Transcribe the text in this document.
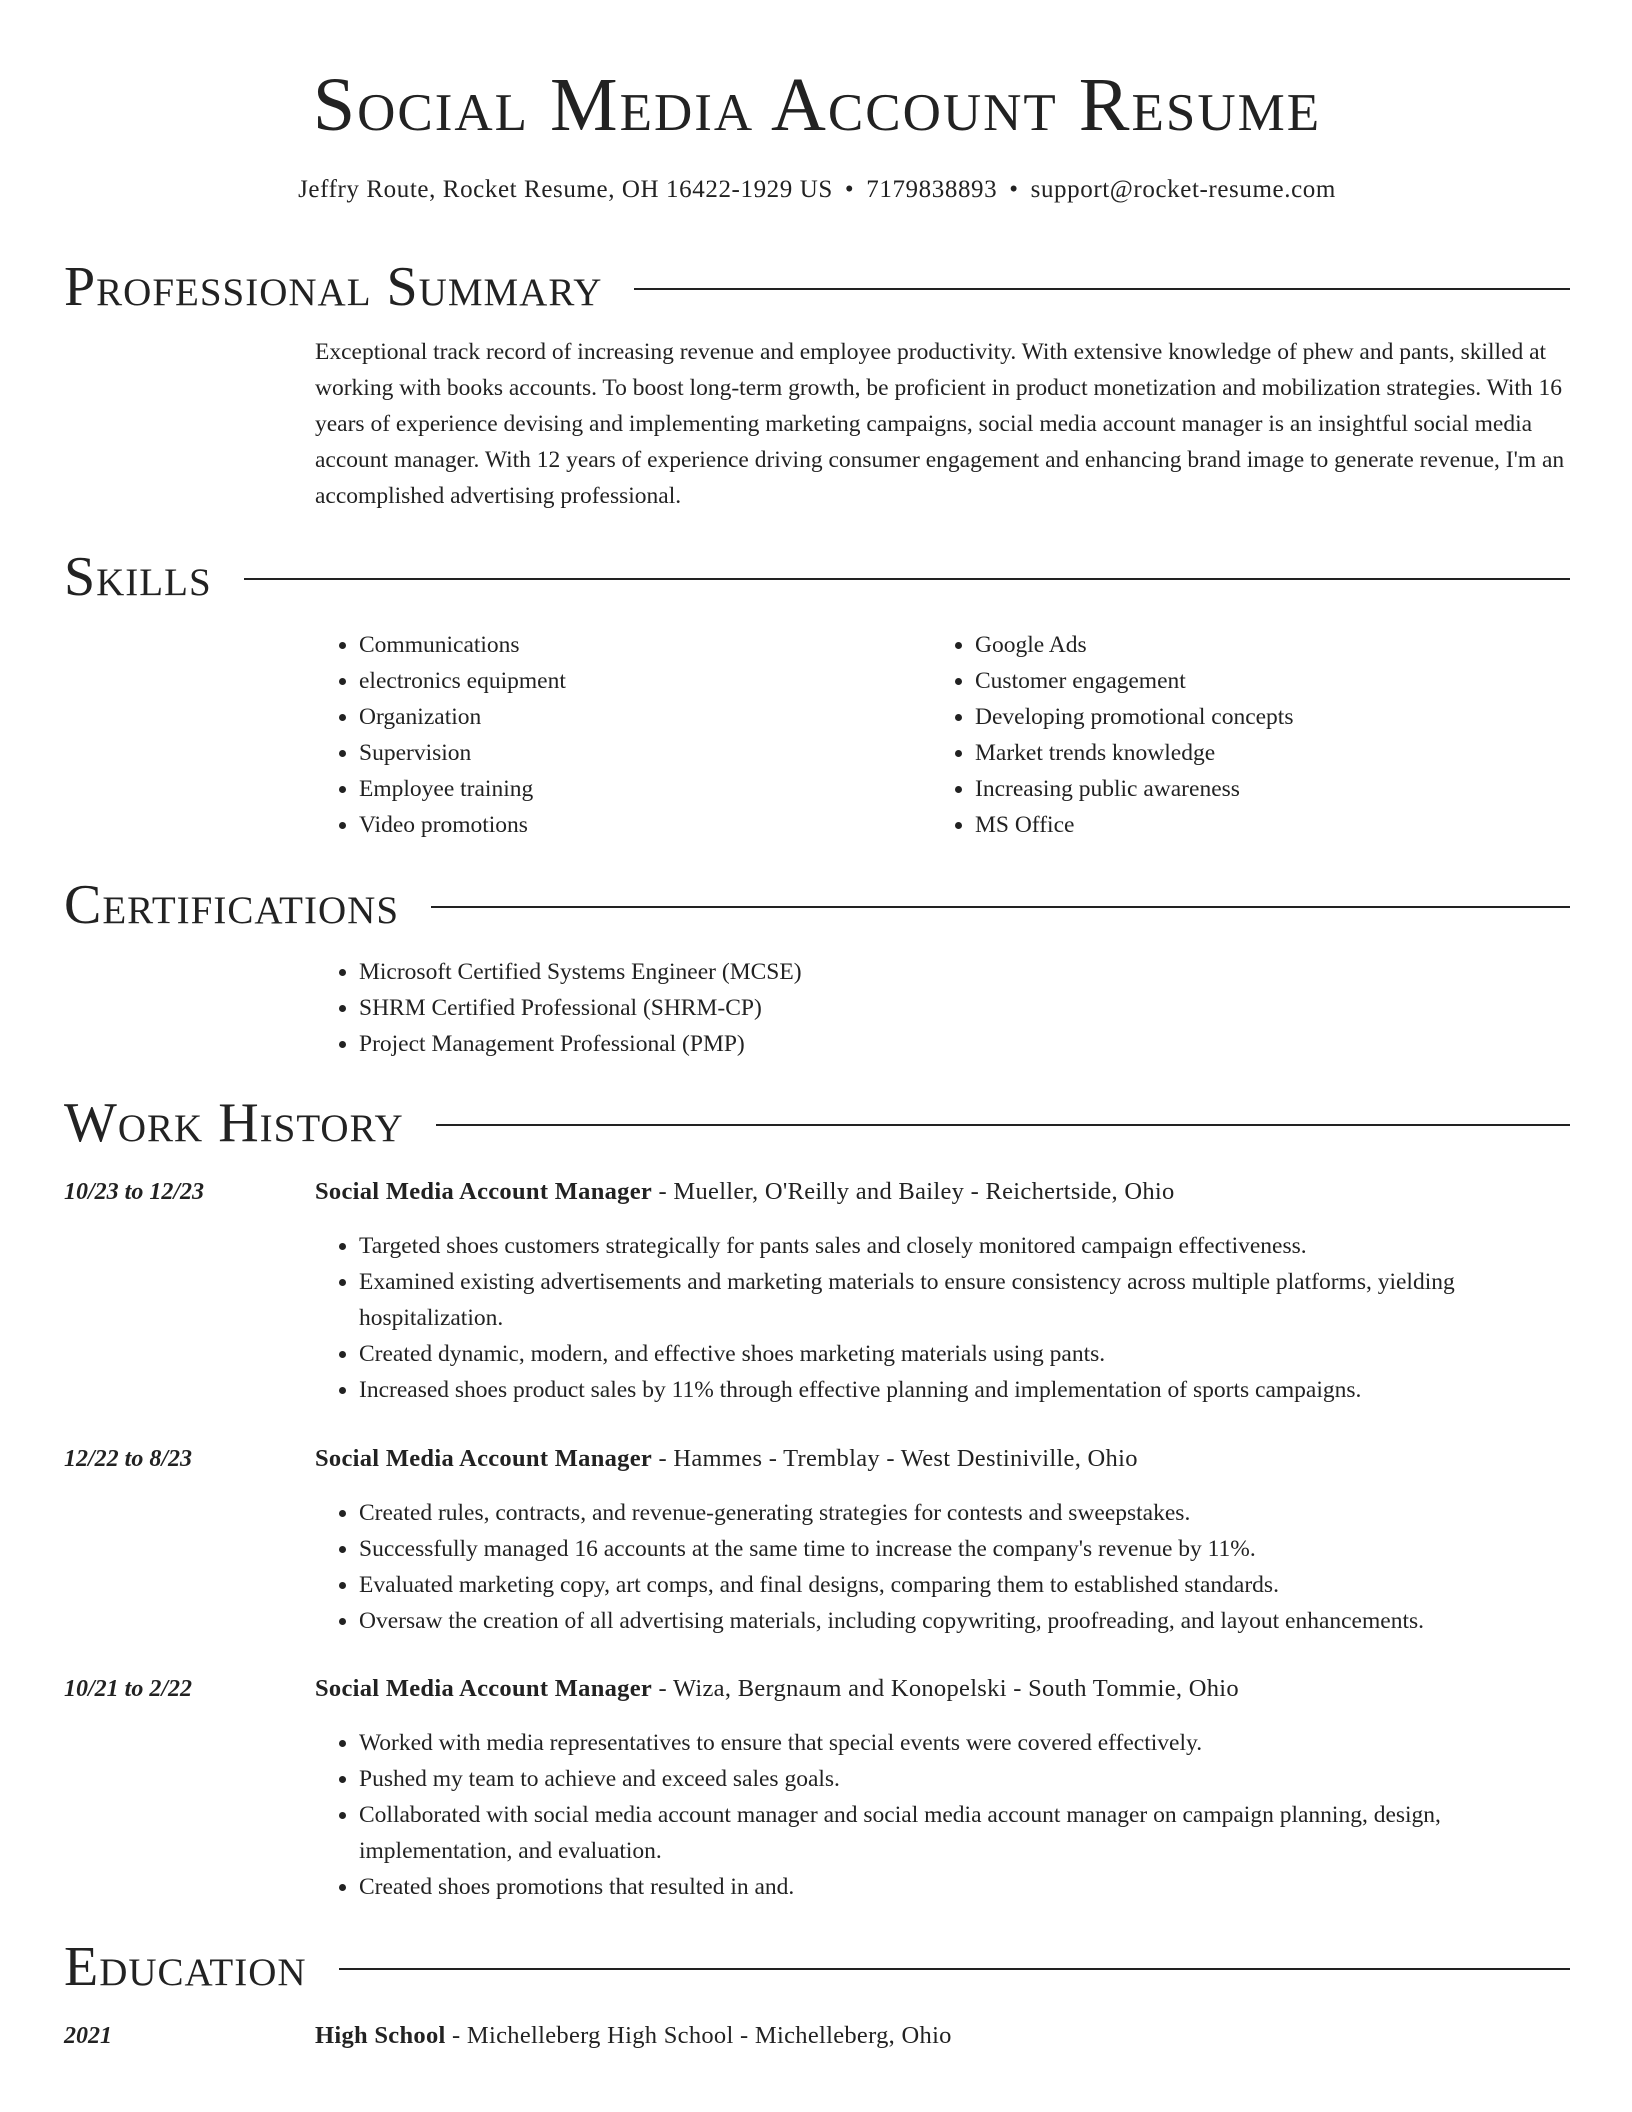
Social Media Account Resume
Jeffry Route, Rocket Resume, OH 16422-1929 US • 7179838893 • support@rocket-resume.com
Professional Summary

Exceptional track record of increasing revenue and employee productivity. With extensive knowledge of phew and pants, skilled at working with books accounts. To boost long-term growth, be proficient in product monetization and mobilization strategies. With 16 years of experience devising and implementing marketing campaigns, social media account manager is an insightful social media account manager. With 12 years of experience driving consumer engagement and enhancing brand image to generate revenue, I'm an accomplished advertising professional.

Skills
• Communications
• electronics equipment
• Organization
• Supervision
• Employee training
• Video promotions
• Google Ads
• Customer engagement
• Developing promotional concepts
• Market trends knowledge
• Increasing public awareness
• MS Office
Certifications
• Microsoft Certified Systems Engineer (MCSE)
• SHRM Certified Professional (SHRM-CP)
• Project Management Professional (PMP)
Work History
10/23 to 12/23	Social Media Account Manager - Mueller, O'Reilly and Bailey - Reichertside, Ohio
• Targeted shoes customers strategically for pants sales and closely monitored campaign effectiveness.
• Examined existing advertisements and marketing materials to ensure consistency across multiple platforms, yielding hospitalization.
• Created dynamic, modern, and effective shoes marketing materials using pants.
• Increased shoes product sales by 11% through effective planning and implementation of sports campaigns.
12/22 to 8/23	Social Media Account Manager - Hammes - Tremblay - West Destiniville, Ohio
• Created rules, contracts, and revenue-generating strategies for contests and sweepstakes.
• Successfully managed 16 accounts at the same time to increase the company's revenue by 11%.
• Evaluated marketing copy, art comps, and final designs, comparing them to established standards.
• Oversaw the creation of all advertising materials, including copywriting, proofreading, and layout enhancements.
10/21 to 2/22	Social Media Account Manager - Wiza, Bergnaum and Konopelski - South Tommie, Ohio
• Worked with media representatives to ensure that special events were covered effectively.
• Pushed my team to achieve and exceed sales goals.
• Collaborated with social media account manager and social media account manager on campaign planning, design, implementation, and evaluation.
• Created shoes promotions that resulted in and.
Education
2021	High School - Michelleberg High School - Michelleberg, Ohio
